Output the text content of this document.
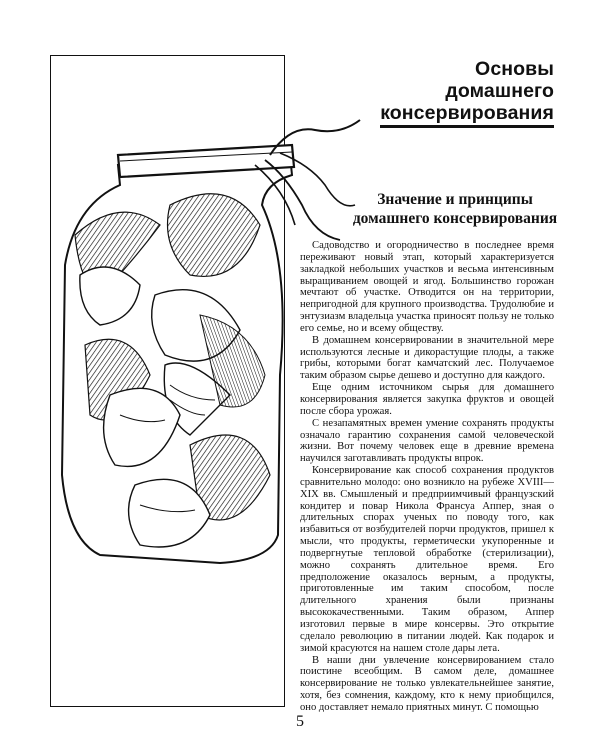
Основы
домашнего
консервирования
Значение и принципы
домашнего консервирования

Садоводство и огородничество в последнее время переживают новый этап, который характеризуется закладкой небольших участков и весьма интенсивным выращиванием овощей и ягод. Большинство горожан мечтают об участке. Отводится он на территории, непригодной для крупного производства. Трудолюбие и энтузиазм владельца участка приносят пользу не только его семье, но и всему обществу.

В домашнем консервировании в значительной мере используются лесные и дикорастущие плоды, а также грибы, которыми богат камчатский лес. Получаемое таким образом сырье дешево и доступно для каждого.

Еще одним источником сырья для домашнего консервирования является закупка фруктов и овощей после сбора урожая.

С незапамятных времен умение сохранять продукты означало гарантию сохранения самой человеческой жизни. Вот почему человек еще в древние времена научился заготавливать продукты впрок.

Консервирование как способ сохранения продуктов сравнительно молодо: оно возникло на рубеже XVIII—XIX вв. Смышленый и предприимчивый французский кондитер и повар Никола Франсуа Аппер, зная о длительных спорах ученых по поводу того, как избавиться от возбудителей порчи продуктов, пришел к мысли, что продукты, герметически укупоренные и подвергнутые тепловой обработке (стерилизации), можно сохранять длительное время. Его предположение оказалось верным, а продукты, приготовленные им таким способом, после длительного хранения были признаны высококачественными. Таким образом, Аппер изготовил первые в мире консервы. Это открытие сделало революцию в питании людей. Как подарок и зимой красуются на нашем столе дары лета.

В наши дни увлечение консервированием стало поистине всеобщим. В самом деле, домашнее консервирование не только увлекательнейшее занятие, хотя, без сомнения, каждому, кто к нему приобщился, оно доставляет немало приятных минут. С помощью

5
